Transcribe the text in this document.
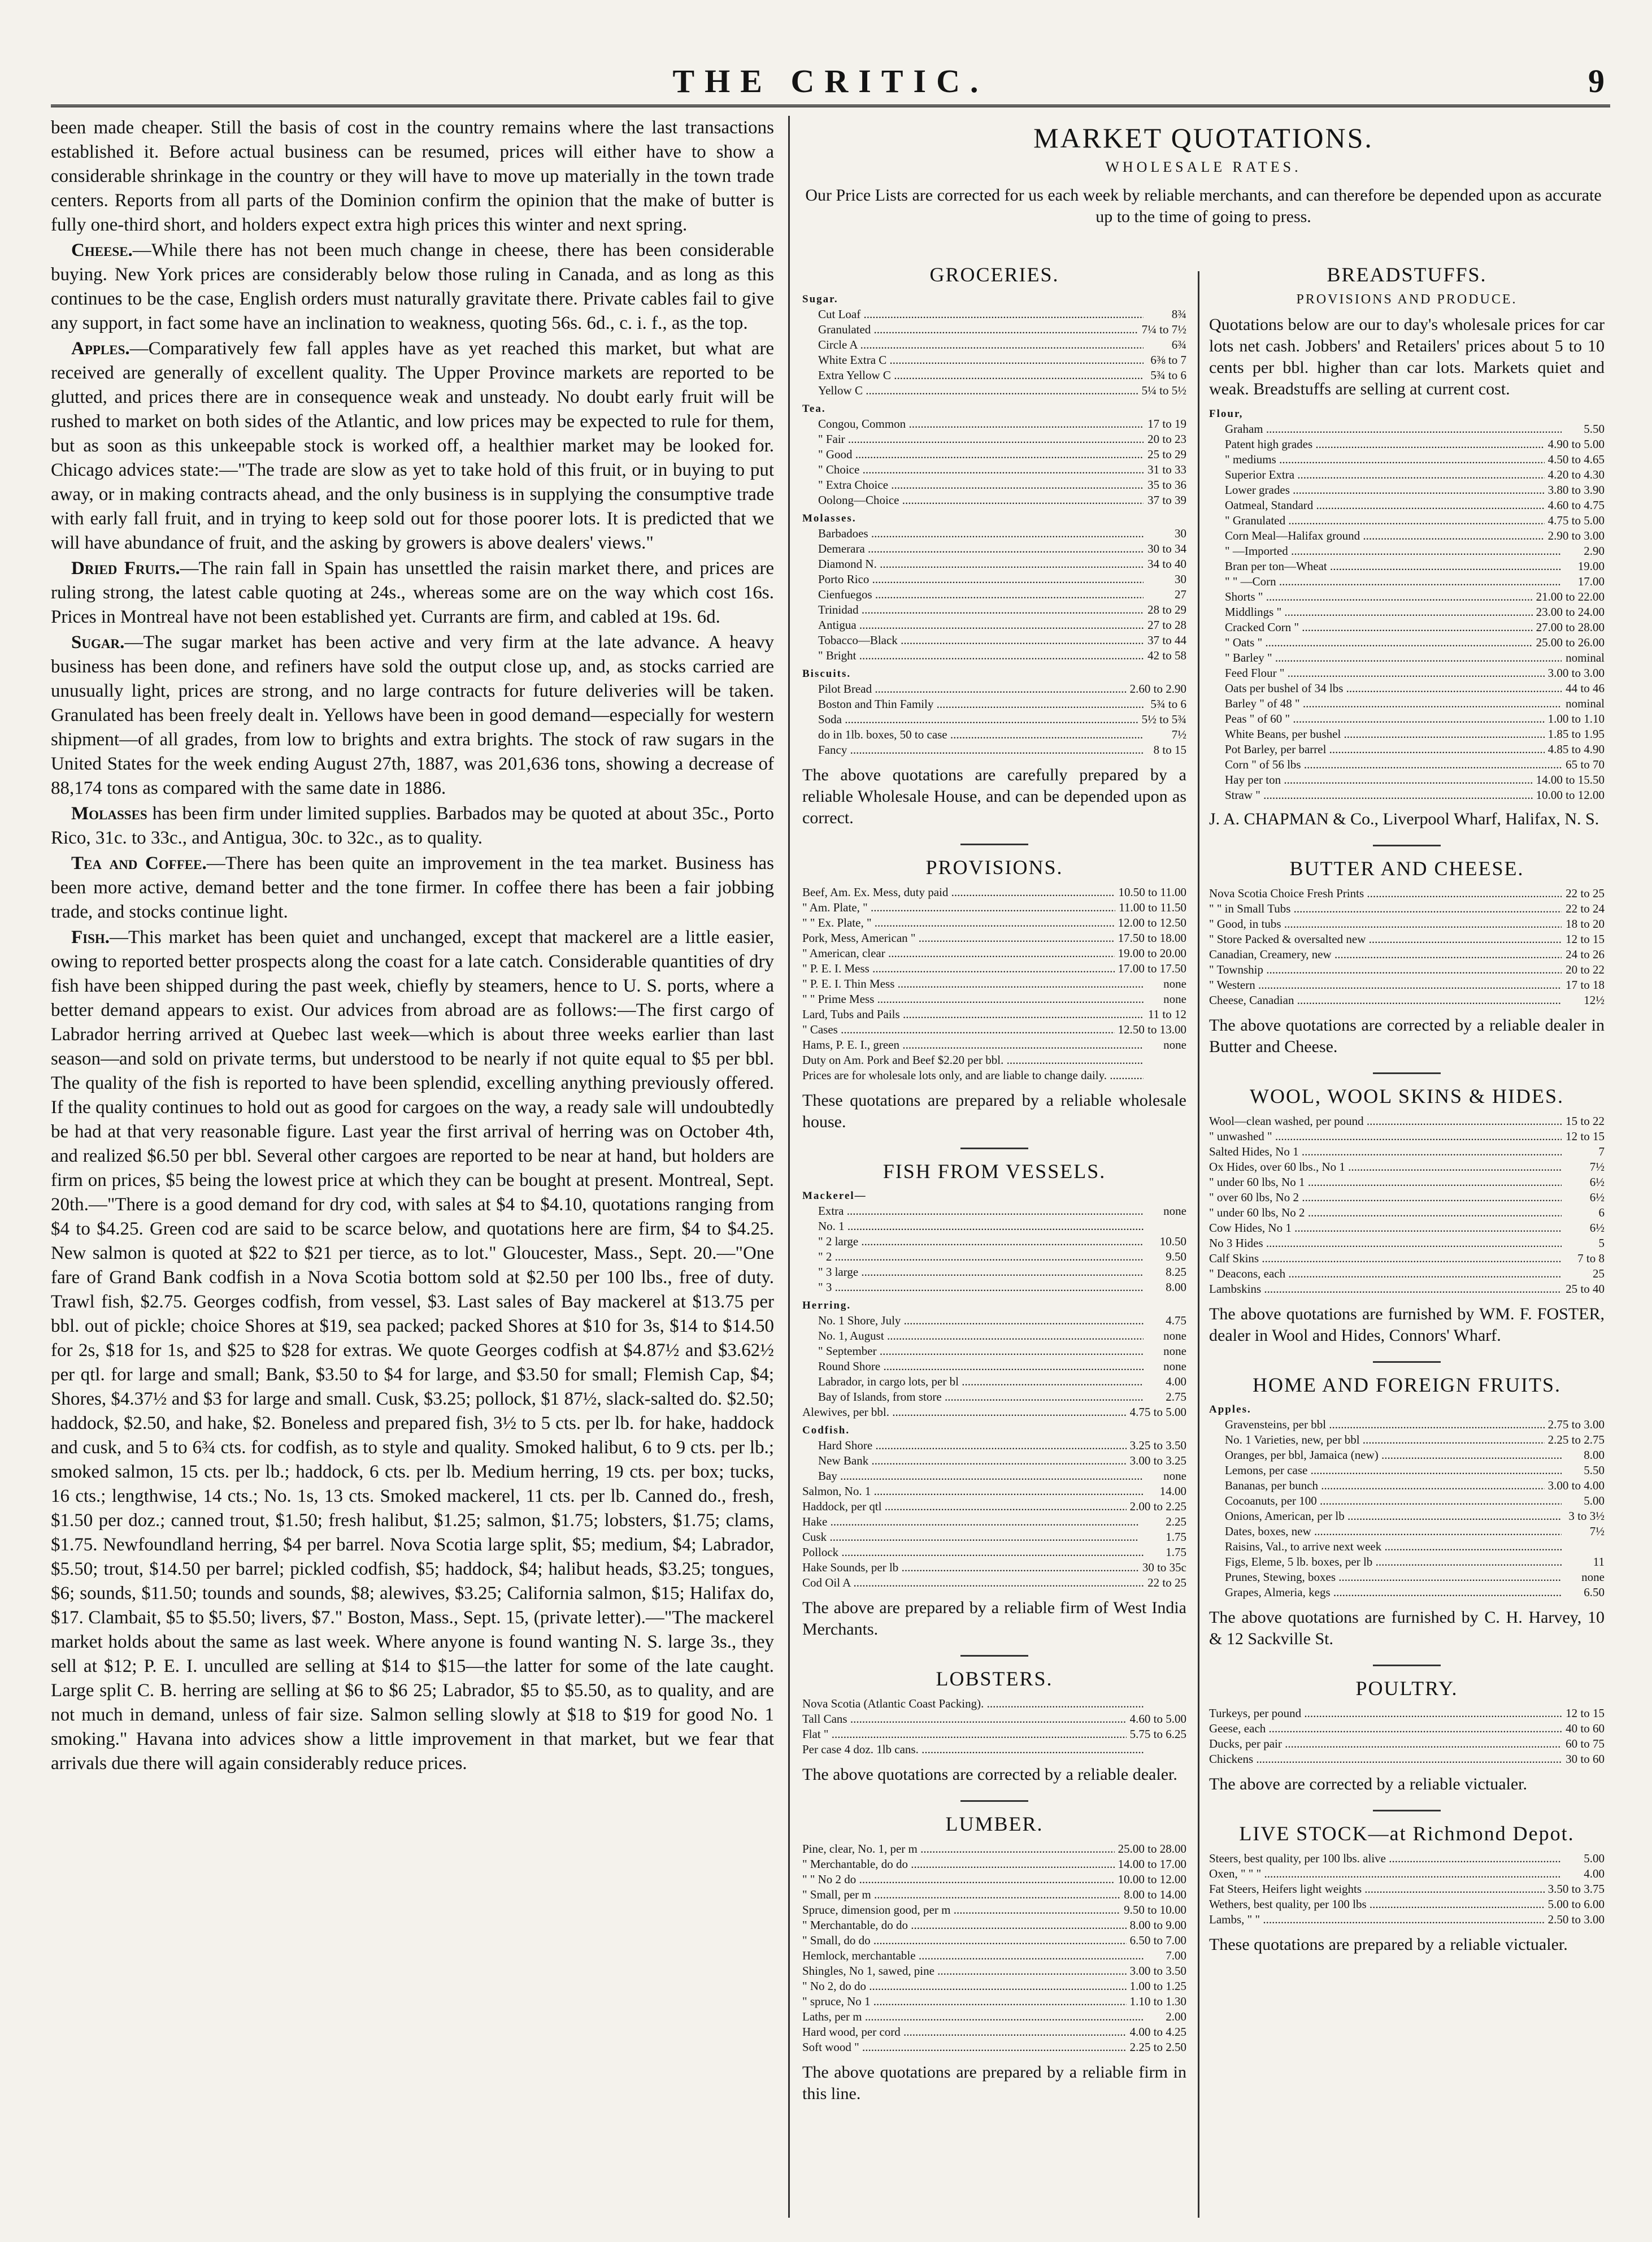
THE CRITIC.	9

been made cheaper. Still the basis of cost in the country remains where the last transactions established it. Before actual business can be resumed, prices will either have to show a considerable shrinkage in the country or they will have to move up materially in the town trade centers. Reports from all parts of the Dominion confirm the opinion that the make of butter is fully one-third short, and holders expect extra high prices this winter and next spring.

Cheese.—While there has not been much change in cheese, there has been considerable buying. New York prices are considerably below those ruling in Canada, and as long as this continues to be the case, English orders must naturally gravitate there. Private cables fail to give any support, in fact some have an inclination to weakness, quoting 56s. 6d., c. i. f., as the top.

Apples.—Comparatively few fall apples have as yet reached this market, but what are received are generally of excellent quality. The Upper Province markets are reported to be glutted, and prices there are in consequence weak and unsteady. No doubt early fruit will be rushed to market on both sides of the Atlantic, and low prices may be expected to rule for them, but as soon as this unkeepable stock is worked off, a healthier market may be looked for. Chicago advices state:—"The trade are slow as yet to take hold of this fruit, or in buying to put away, or in making contracts ahead, and the only business is in supplying the consumptive trade with early fall fruit, and in trying to keep sold out for those poorer lots. It is predicted that we will have abundance of fruit, and the asking by growers is above dealers' views."

Dried Fruits.—The rain fall in Spain has unsettled the raisin market there, and prices are ruling strong, the latest cable quoting at 24s., whereas some are on the way which cost 16s. Prices in Montreal have not been established yet. Currants are firm, and cabled at 19s. 6d.

Sugar.—The sugar market has been active and very firm at the late advance. A heavy business has been done, and refiners have sold the output close up, and, as stocks carried are unusually light, prices are strong, and no large contracts for future deliveries will be taken. Granulated has been freely dealt in. Yellows have been in good demand—especially for western shipment—of all grades, from low to brights and extra brights. The stock of raw sugars in the United States for the week ending August 27th, 1887, was 201,636 tons, showing a decrease of 88,174 tons as compared with the same date in 1886.

Molasses has been firm under limited supplies. Barbados may be quoted at about 35c., Porto Rico, 31c. to 33c., and Antigua, 30c. to 32c., as to quality.

Tea and Coffee.—There has been quite an improvement in the tea market. Business has been more active, demand better and the tone firmer. In coffee there has been a fair jobbing trade, and stocks continue light.

Fish.—This market has been quiet and unchanged, except that mackerel are a little easier, owing to reported better prospects along the coast for a late catch. Considerable quantities of dry fish have been shipped during the past week, chiefly by steamers, hence to U. S. ports, where a better demand appears to exist. Our advices from abroad are as follows:—The first cargo of Labrador herring arrived at Quebec last week—which is about three weeks earlier than last season—and sold on private terms, but understood to be nearly if not quite equal to $5 per bbl. The quality of the fish is reported to have been splendid, excelling anything previously offered. If the quality continues to hold out as good for cargoes on the way, a ready sale will undoubtedly be had at that very reasonable figure. Last year the first arrival of herring was on October 4th, and realized $6.50 per bbl. Several other cargoes are reported to be near at hand, but holders are firm on prices, $5 being the lowest price at which they can be bought at present. Montreal, Sept. 20th.—"There is a good demand for dry cod, with sales at $4 to $4.10, quotations ranging from $4 to $4.25. Green cod are said to be scarce below, and quotations here are firm, $4 to $4.25. New salmon is quoted at $22 to $21 per tierce, as to lot." Gloucester, Mass., Sept. 20.—"One fare of Grand Bank codfish in a Nova Scotia bottom sold at $2.50 per 100 lbs., free of duty. Trawl fish, $2.75. Georges codfish, from vessel, $3. Last sales of Bay mackerel at $13.75 per bbl. out of pickle; choice Shores at $19, sea packed; packed Shores at $10 for 3s, $14 to $14.50 for 2s, $18 for 1s, and $25 to $28 for extras. We quote Georges codfish at $4.87½ and $3.62½ per qtl. for large and small; Bank, $3.50 to $4 for large, and $3.50 for small; Flemish Cap, $4; Shores, $4.37½ and $3 for large and small. Cusk, $3.25; pollock, $1 87½, slack-salted do. $2.50; haddock, $2.50, and hake, $2. Boneless and prepared fish, 3½ to 5 cts. per lb. for hake, haddock and cusk, and 5 to 6¾ cts. for codfish, as to style and quality. Smoked halibut, 6 to 9 cts. per lb.; smoked salmon, 15 cts. per lb.; haddock, 6 cts. per lb. Medium herring, 19 cts. per box; tucks, 16 cts.; lengthwise, 14 cts.; No. 1s, 13 cts. Smoked mackerel, 11 cts. per lb. Canned do., fresh, $1.50 per doz.; canned trout, $1.50; fresh halibut, $1.25; salmon, $1.75; lobsters, $1.75; clams, $1.75. Newfoundland herring, $4 per barrel. Nova Scotia large split, $5; medium, $4; Labrador, $5.50; trout, $14.50 per barrel; pickled codfish, $5; haddock, $4; halibut heads, $3.25; tongues, $6; sounds, $11.50; tounds and sounds, $8; alewives, $3.25; California salmon, $15; Halifax do, $17. Clambait, $5 to $5.50; livers, $7." Boston, Mass., Sept. 15, (private letter).—"The mackerel market holds about the same as last week. Where anyone is found wanting N. S. large 3s., they sell at $12; P. E. I. unculled are selling at $14 to $15—the latter for some of the late caught. Large split C. B. herring are selling at $6 to $6 25; Labrador, $5 to $5.50, as to quality, and are not much in demand, unless of fair size. Salmon selling slowly at $18 to $19 for good No. 1 smoking." Havana into advices show a little improvement in that market, but we fear that arrivals due there will again considerably reduce prices.

MARKET QUOTATIONS.
WHOLESALE RATES.
Our Price Lists are corrected for us each week by reliable merchants, and can therefore be depended upon as accurate up to the time of going to press.
GROCERIES.
Sugar.
Cut Loaf .....	8¾
Granulated .....	7¼ to 7½
Circle A .....	6¾
White Extra C .....	6⅜ to 7
Extra Yellow C .....	5¾ to 6
Yellow C .....	5¼ to 5½
Tea.
Congou, Common .....	17 to 19
" Fair .....	20 to 23
" Good .....	25 to 29
" Choice .....	31 to 33
" Extra Choice .....	35 to 36
Oolong—Choice .....	37 to 39
Molasses.
Barbadoes .....	30
Demerara .....	30 to 34
Diamond N. .....	34 to 40
Porto Rico .....	30
Cienfuegos .....	27
Trinidad .....	28 to 29
Antigua .....	27 to 28
Tobacco—Black .....	37 to 44
" Bright .....	42 to 58
Biscuits.
Pilot Bread .....	2.60 to 2.90
Boston and Thin Family .....	5¾ to 6
Soda .....	5½ to 5¾
do in 1lb. boxes, 50 to case .....	7½
Fancy .....	8 to 15
The above quotations are carefully prepared by a reliable Wholesale House, and can be depended upon as correct.
PROVISIONS.
Beef, Am. Ex. Mess, duty paid .....	10.50 to 11.00
" Am. Plate, " .....	11.00 to 11.50
" " Ex. Plate, " .....	12.00 to 12.50
Pork, Mess, American " .....	17.50 to 18.00
" American, clear .....	19.00 to 20.00
" P. E. I. Mess .....	17.00 to 17.50
" P. E. I. Thin Mess .....	none
" " Prime Mess .....	none
Lard, Tubs and Pails .....	11 to 12
" Cases .....	12.50 to 13.00
Hams, P. E. I., green .....	none
Duty on Am. Pork and Beef $2.20 per bbl. .....
Prices are for wholesale lots only, and are liable to change daily. .....
These quotations are prepared by a reliable wholesale house.
FISH FROM VESSELS.
Mackerel—
Extra .....	none
No. 1 .....
" 2 large .....	10.50
" 2 .....	9.50
" 3 large .....	8.25
" 3 .....	8.00
Herring.
No. 1 Shore, July .....	4.75
No. 1, August .....	none
" September .....	none
Round Shore .....	none
Labrador, in cargo lots, per bl .....	4.00
Bay of Islands, from store .....	2.75
Alewives, per bbl. .....	4.75 to 5.00
Codfish.
Hard Shore .....	3.25 to 3.50
New Bank .....	3.00 to 3.25
Bay .....	none
Salmon, No. 1 .....	14.00
Haddock, per qtl .....	2.00 to 2.25
Hake .....	2.25
Cusk .....	1.75
Pollock .....	1.75
Hake Sounds, per lb .....	30 to 35c
Cod Oil A .....	22 to 25
The above are prepared by a reliable firm of West India Merchants.
LOBSTERS.
Nova Scotia (Atlantic Coast Packing). .....
Tall Cans .....	4.60 to 5.00
Flat " .....	5.75 to 6.25
Per case 4 doz. 1lb cans. .....
The above quotations are corrected by a reliable dealer.
LUMBER.
Pine, clear, No. 1, per m .....	25.00 to 28.00
" Merchantable, do do .....	14.00 to 17.00
" " No 2 do .....	10.00 to 12.00
" Small, per m .....	8.00 to 14.00
Spruce, dimension good, per m .....	9.50 to 10.00
" Merchantable, do do .....	8.00 to 9.00
" Small, do do .....	6.50 to 7.00
Hemlock, merchantable .....	7.00
Shingles, No 1, sawed, pine .....	3.00 to 3.50
" No 2, do do .....	1.00 to 1.25
" spruce, No 1 .....	1.10 to 1.30
Laths, per m .....	2.00
Hard wood, per cord .....	4.00 to 4.25
Soft wood " .....	2.25 to 2.50
The above quotations are prepared by a reliable firm in this line.
BREADSTUFFS.
PROVISIONS AND PRODUCE.
Quotations below are our to day's wholesale prices for car lots net cash. Jobbers' and Retailers' prices about 5 to 10 cents per bbl. higher than car lots. Markets quiet and weak. Breadstuffs are selling at current cost.
Flour,
Graham .....	5.50
Patent high grades .....	4.90 to 5.00
" mediums .....	4.50 to 4.65
Superior Extra .....	4.20 to 4.30
Lower grades .....	3.80 to 3.90
Oatmeal, Standard .....	4.60 to 4.75
" Granulated .....	4.75 to 5.00
Corn Meal—Halifax ground .....	2.90 to 3.00
" —Imported .....	2.90
Bran per ton—Wheat .....	19.00
" " —Corn .....	17.00
Shorts " .....	21.00 to 22.00
Middlings " .....	23.00 to 24.00
Cracked Corn " .....	27.00 to 28.00
" Oats " .....	25.00 to 26.00
" Barley " .....	nominal
Feed Flour " .....	3.00 to 3.00
Oats per bushel of 34 lbs .....	44 to 46
Barley " of 48 " .....	nominal
Peas " of 60 " .....	1.00 to 1.10
White Beans, per bushel .....	1.85 to 1.95
Pot Barley, per barrel .....	4.85 to 4.90
Corn " of 56 lbs .....	65 to 70
Hay per ton .....	14.00 to 15.50
Straw " .....	10.00 to 12.00
J. A. CHAPMAN & Co., Liverpool Wharf, Halifax, N. S.
BUTTER AND CHEESE.
Nova Scotia Choice Fresh Prints .....	22 to 25
" " in Small Tubs .....	22 to 24
" Good, in tubs .....	18 to 20
" Store Packed & oversalted new .....	12 to 15
Canadian, Creamery, new .....	24 to 26
" Township .....	20 to 22
" Western .....	17 to 18
Cheese, Canadian .....	12½
The above quotations are corrected by a reliable dealer in Butter and Cheese.
WOOL, WOOL SKINS & HIDES.
Wool—clean washed, per pound .....	15 to 22
" unwashed " .....	12 to 15
Salted Hides, No 1 .....	7
Ox Hides, over 60 lbs., No 1 .....	7½
" under 60 lbs, No 1 .....	6½
" over 60 lbs, No 2 .....	6½
" under 60 lbs, No 2 .....	6
Cow Hides, No 1 .....	6½
No 3 Hides .....	5
Calf Skins .....	7 to 8
" Deacons, each .....	25
Lambskins .....	25 to 40
The above quotations are furnished by WM. F. FOSTER, dealer in Wool and Hides, Connors' Wharf.
HOME AND FOREIGN FRUITS.
Apples.
Gravensteins, per bbl .....	2.75 to 3.00
No. 1 Varieties, new, per bbl .....	2.25 to 2.75
Oranges, per bbl, Jamaica (new) .....	8.00
Lemons, per case .....	5.50
Bananas, per bunch .....	3.00 to 4.00
Cocoanuts, per 100 .....	5.00
Onions, American, per lb .....	3 to 3½
Dates, boxes, new .....	7½
Raisins, Val., to arrive next week .....
Figs, Eleme, 5 lb. boxes, per lb .....	11
Prunes, Stewing, boxes .....	none
Grapes, Almeria, kegs .....	6.50
The above quotations are furnished by C. H. Harvey, 10 & 12 Sackville St.
POULTRY.
Turkeys, per pound .....	12 to 15
Geese, each .....	40 to 60
Ducks, per pair .....	60 to 75
Chickens .....	30 to 60
The above are corrected by a reliable victualer.
LIVE STOCK—at Richmond Depot.
Steers, best quality, per 100 lbs. alive .....	5.00
Oxen, " " " .....	4.00
Fat Steers, Heifers light weights .....	3.50 to 3.75
Wethers, best quality, per 100 lbs .....	5.00 to 6.00
Lambs, " " .....	2.50 to 3.00
These quotations are prepared by a reliable victualer.
